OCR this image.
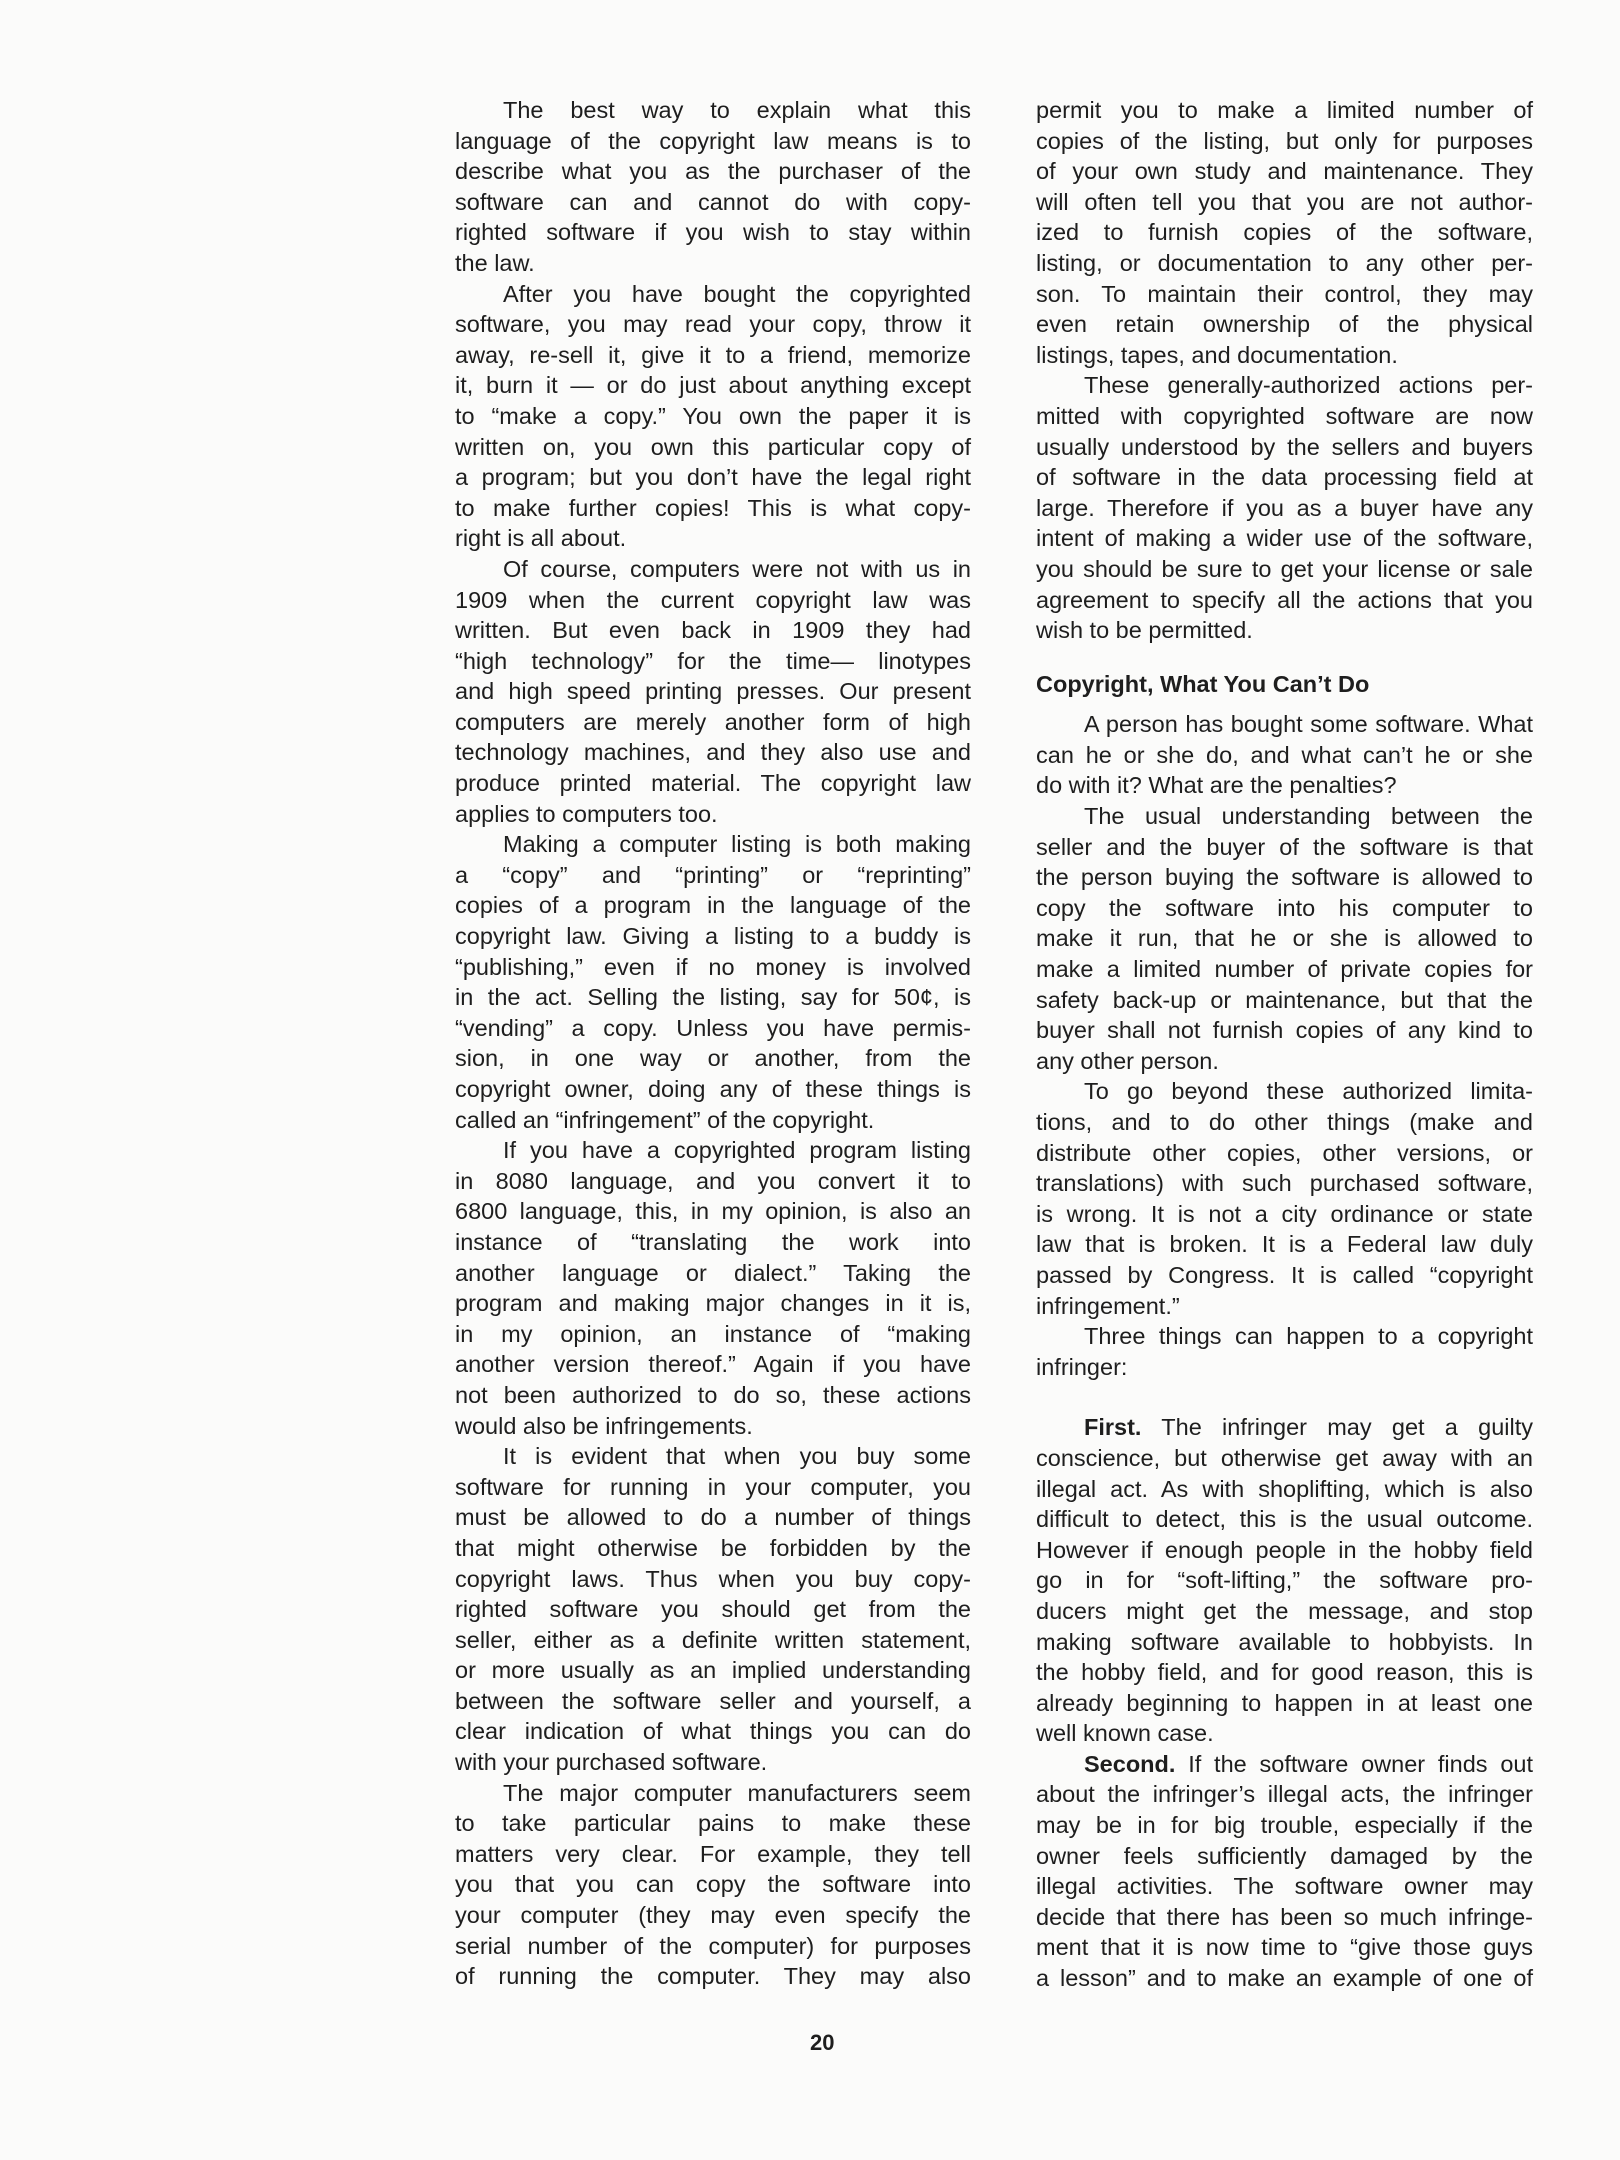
The best way to explain what this
language of the copyright law means is to
describe what you as the purchaser of the
software can and cannot do with copy-
righted software if you wish to stay within
the law.
After you have bought the copyrighted
software, you may read your copy, throw it
away, re-sell it, give it to a friend, memorize
it, burn it — or do just about anything except
to “make a copy.” You own the paper it is
written on, you own this particular copy of
a program; but you don’t have the legal right
to make further copies! This is what copy-
right is all about.
Of course, computers were not with us in
1909 when the current copyright law was
written. But even back in 1909 they had
“high technology” for the time— linotypes
and high speed printing presses. Our present
computers are merely another form of high
technology machines, and they also use and
produce printed material. The copyright law
applies to computers too.
Making a computer listing is both making
a “copy” and “printing” or “reprinting”
copies of a program in the language of the
copyright law. Giving a listing to a buddy is
“publishing,” even if no money is involved
in the act. Selling the listing, say for 50¢, is
“vending” a copy. Unless you have permis-
sion, in one way or another, from the
copyright owner, doing any of these things is
called an “infringement” of the copyright.
If you have a copyrighted program listing
in 8080 language, and you convert it to
6800 language, this, in my opinion, is also an
instance of “translating the work into
another language or dialect.” Taking the
program and making major changes in it is,
in my opinion, an instance of “making
another version thereof.” Again if you have
not been authorized to do so, these actions
would also be infringements.
It is evident that when you buy some
software for running in your computer, you
must be allowed to do a number of things
that might otherwise be forbidden by the
copyright laws. Thus when you buy copy-
righted software you should get from the
seller, either as a definite written statement,
or more usually as an implied understanding
between the software seller and yourself, a
clear indication of what things you can do
with your purchased software.
The major computer manufacturers seem
to take particular pains to make these
matters very clear. For example, they tell
you that you can copy the software into
your computer (they may even specify the
serial number of the computer) for purposes
of running the computer. They may also
permit you to make a limited number of
copies of the listing, but only for purposes
of your own study and maintenance. They
will often tell you that you are not author-
ized to furnish copies of the software,
listing, or documentation to any other per-
son. To maintain their control, they may
even retain ownership of the physical
listings, tapes, and documentation.
These generally-authorized actions per-
mitted with copyrighted software are now
usually understood by the sellers and buyers
of software in the data processing field at
large. Therefore if you as a buyer have any
intent of making a wider use of the software,
you should be sure to get your license or sale
agreement to specify all the actions that you
wish to be permitted.
Copyright, What You Can’t Do
A person has bought some software. What
can he or she do, and what can’t he or she
do with it? What are the penalties?
The usual understanding between the
seller and the buyer of the software is that
the person buying the software is allowed to
copy the software into his computer to
make it run, that he or she is allowed to
make a limited number of private copies for
safety back-up or maintenance, but that the
buyer shall not furnish copies of any kind to
any other person.
To go beyond these authorized limita-
tions, and to do other things (make and
distribute other copies, other versions, or
translations) with such purchased software,
is wrong. It is not a city ordinance or state
law that is broken. It is a Federal law duly
passed by Congress. It is called “copyright
infringement.”
Three things can happen to a copyright
infringer:
First. The infringer may get a guilty
conscience, but otherwise get away with an
illegal act. As with shoplifting, which is also
difficult to detect, this is the usual outcome.
However if enough people in the hobby field
go in for “soft-lifting,” the software pro-
ducers might get the message, and stop
making software available to hobbyists. In
the hobby field, and for good reason, this is
already beginning to happen in at least one
well known case.
Second. If the software owner finds out
about the infringer’s illegal acts, the infringer
may be in for big trouble, especially if the
owner feels sufficiently damaged by the
illegal activities. The software owner may
decide that there has been so much infringe-
ment that it is now time to “give those guys
a lesson” and to make an example of one of
20
